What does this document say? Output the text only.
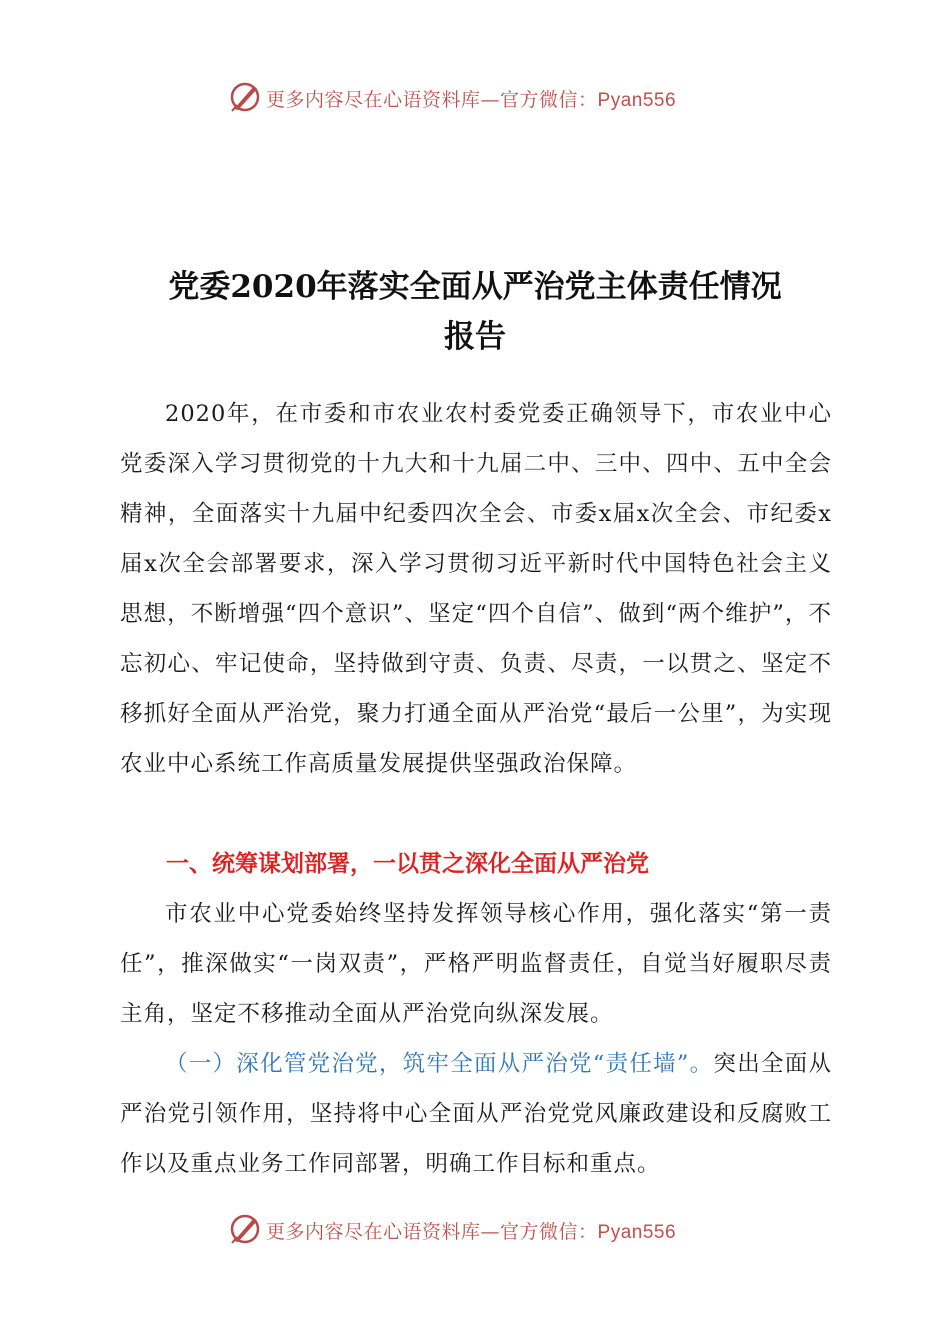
更多内容尽在心语资料库—官方微信：Pyan556
党委2020年落实全面从严治党主体责任情况
报告
2020年，在市委和市农业农村委党委正确领导下，市农业中心党委深入学习贯彻党的十九大和十九届二中、三中、四中、五中全会精神，全面落实十九届中纪委四次全会、市委x届x次全会、市纪委x届x次全会部署要求，深入学习贯彻习近平新时代中国特色社会主义思想，不断增强“四个意识”、坚定“四个自信”、做到“两个维护”，不忘初心、牢记使命，坚持做到守责、负责、尽责，一以贯之、坚定不移抓好全面从严治党，聚力打通全面从严治党“最后一公里”，为实现农业中心系统工作高质量发展提供坚强政治保障。
一、统筹谋划部署，一以贯之深化全面从严治党
市农业中心党委始终坚持发挥领导核心作用，强化落实“第一责任”，推深做实“一岗双责”，严格严明监督责任，自觉当好履职尽责主角，坚定不移推动全面从严治党向纵深发展。
（一）深化管党治党，筑牢全面从严治党“责任墙”。突出全面从严治党引领作用，坚持将中心全面从严治党党风廉政建设和反腐败工作以及重点业务工作同部署，明确工作目标和重点。
更多内容尽在心语资料库—官方微信：Pyan556
